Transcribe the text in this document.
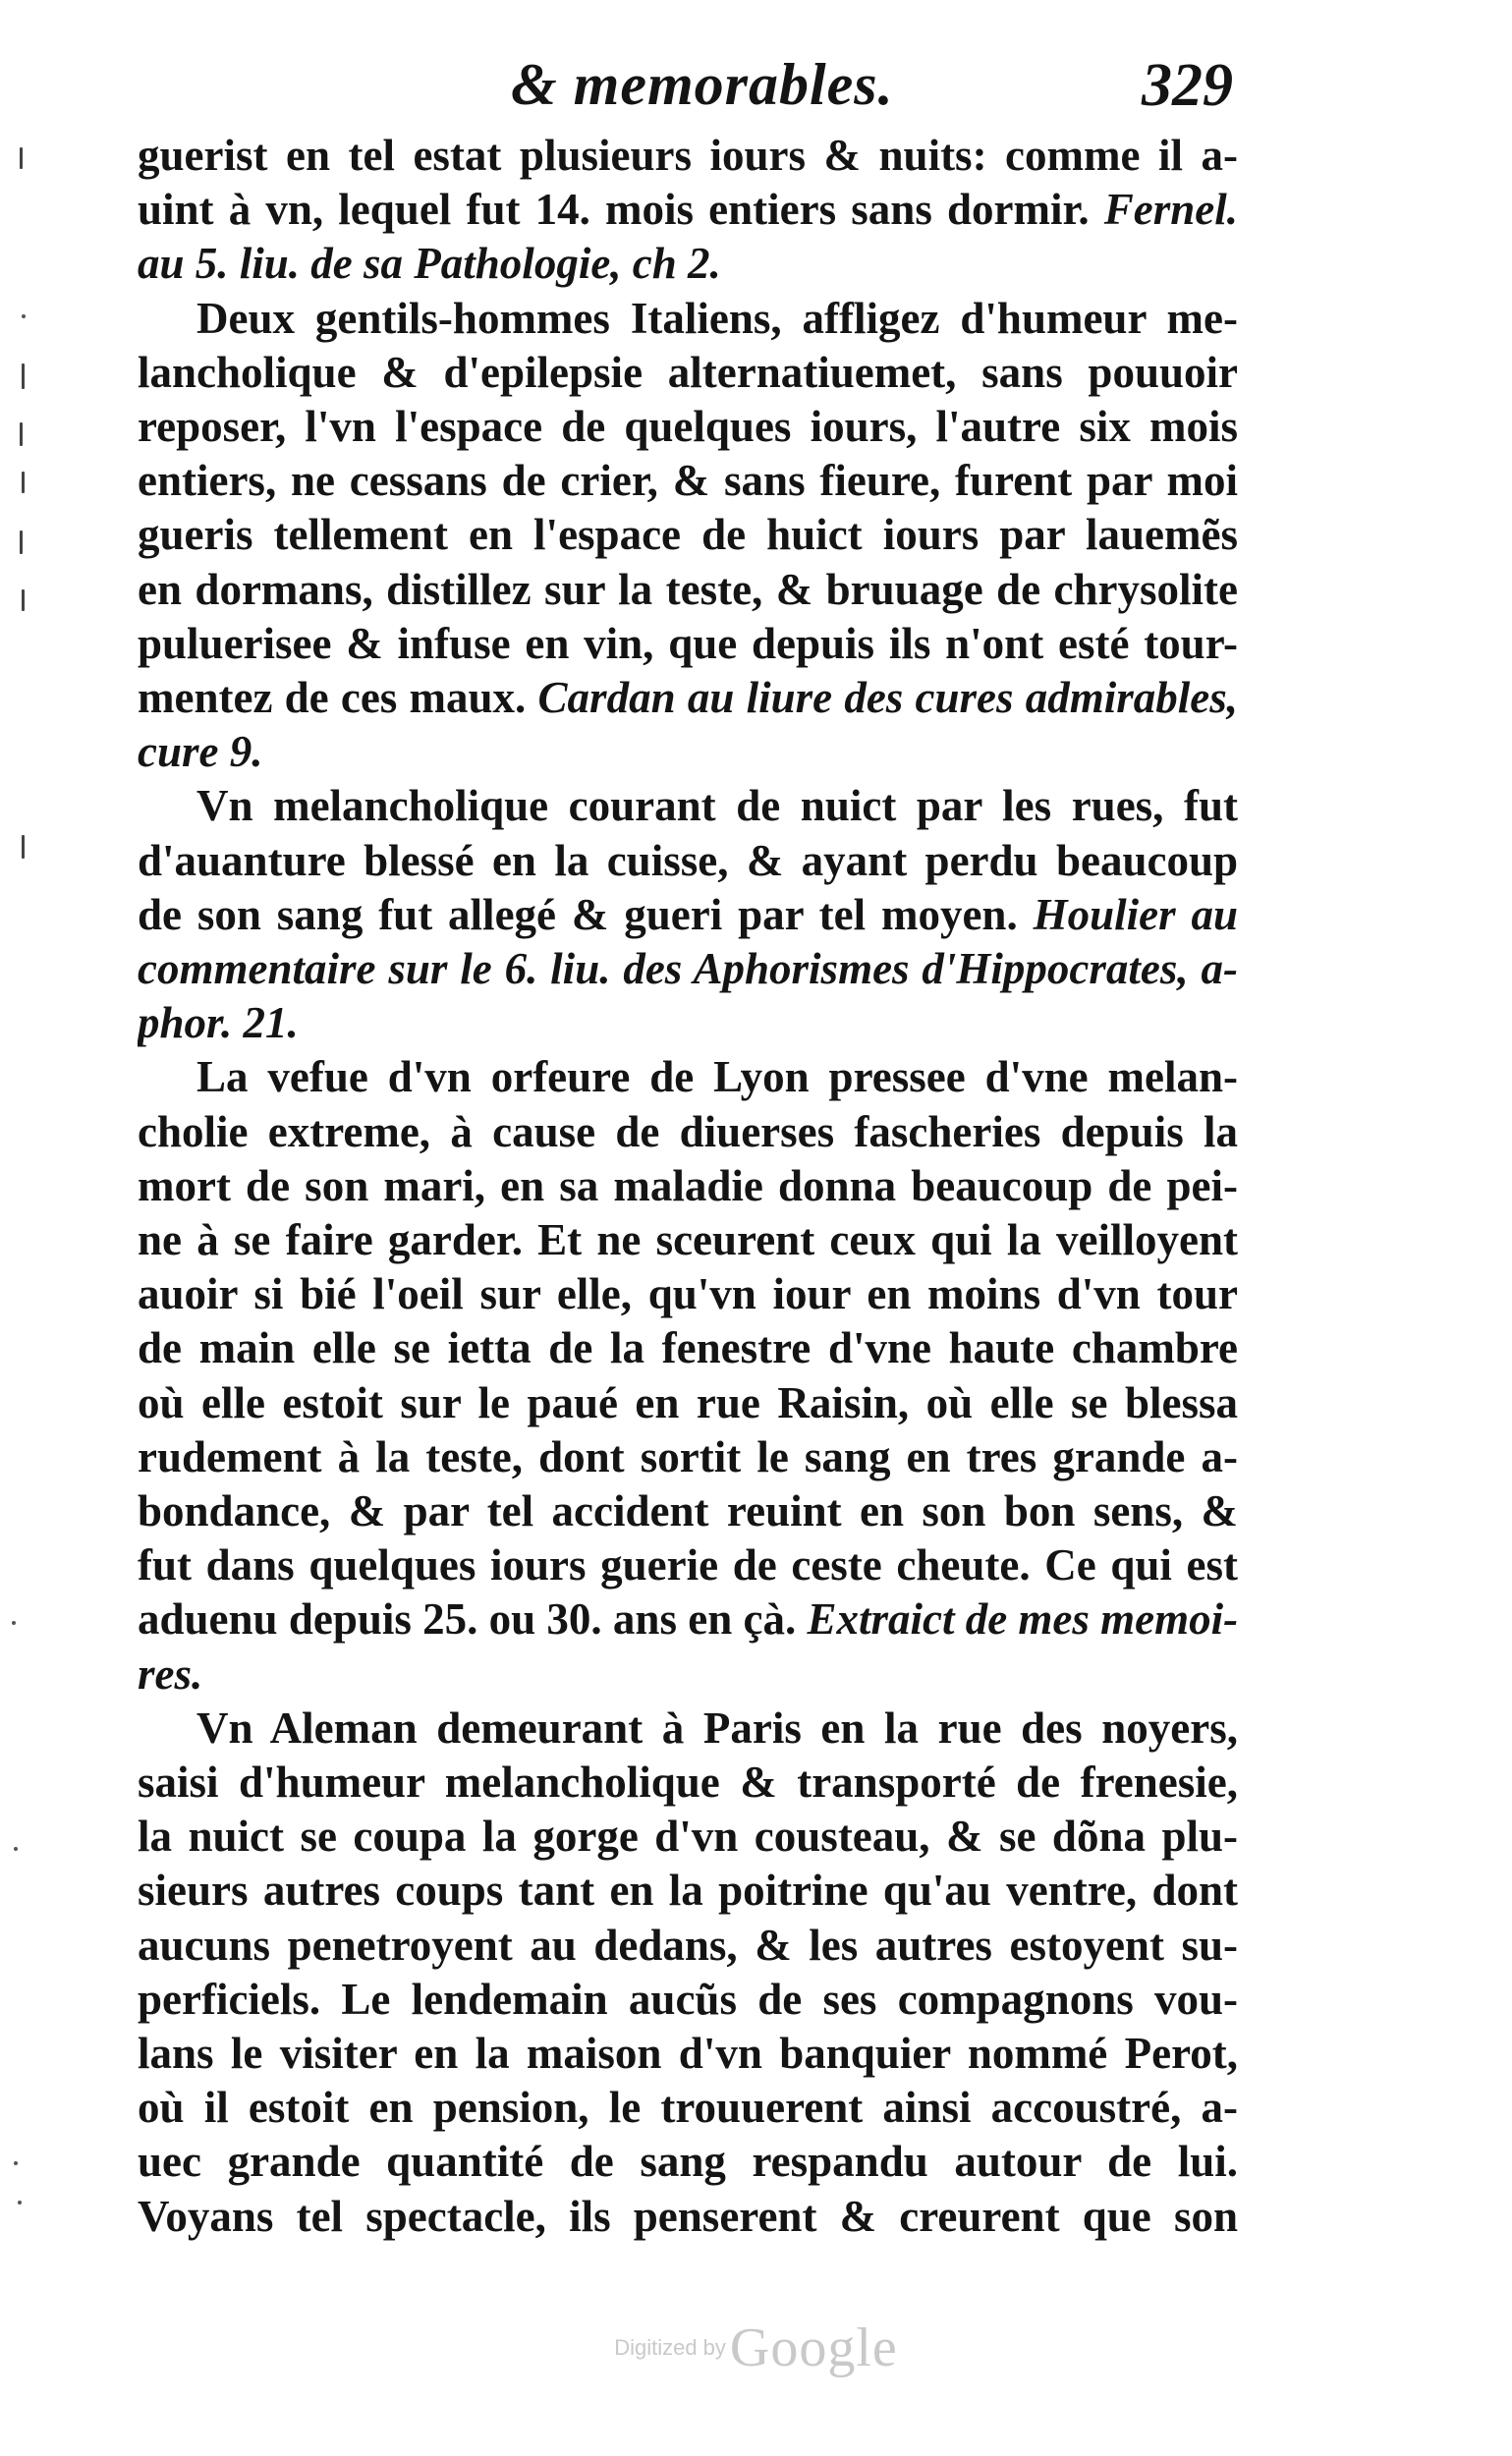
& memorables.	329
guerist en tel estat plusieurs iours & nuits: comme il a-
uint à vn, lequel fut 14. mois entiers sans dormir. Fernel.
au 5. liu. de sa Pathologie, ch 2.
Deux gentils-hommes Italiens, affligez d'humeur me-
lancholique & d'epilepsie alternatiuemet, sans pouuoir
reposer, l'vn l'espace de quelques iours, l'autre six mois
entiers, ne cessans de crier, & sans fieure, furent par moi
gueris tellement en l'espace de huict iours par lauemẽs
en dormans, distillez sur la teste, & bruuage de chrysolite
puluerisee & infuse en vin, que depuis ils n'ont esté tour-
mentez de ces maux. Cardan au liure des cures admirables,
cure 9.
Vn melancholique courant de nuict par les rues, fut
d'auanture blessé en la cuisse, & ayant perdu beaucoup
de son sang fut allegé & gueri par tel moyen. Houlier au
commentaire sur le 6. liu. des Aphorismes d'Hippocrates, a-
phor. 21.
La vefue d'vn orfeure de Lyon pressee d'vne melan-
cholie extreme, à cause de diuerses fascheries depuis la
mort de son mari, en sa maladie donna beaucoup de pei-
ne à se faire garder. Et ne sceurent ceux qui la veilloyent
auoir si bié l'oeil sur elle, qu'vn iour en moins d'vn tour
de main elle se ietta de la fenestre d'vne haute chambre
où elle estoit sur le paué en rue Raisin, où elle se blessa
rudement à la teste, dont sortit le sang en tres grande a-
bondance, & par tel accident reuint en son bon sens, &
fut dans quelques iours guerie de ceste cheute. Ce qui est
aduenu depuis 25. ou 30. ans en çà. Extraict de mes memoi-
res.
Vn Aleman demeurant à Paris en la rue des noyers,
saisi d'humeur melancholique & transporté de frenesie,
la nuict se coupa la gorge d'vn cousteau, & se dõna plu-
sieurs autres coups tant en la poitrine qu'au ventre, dont
aucuns penetroyent au dedans, & les autres estoyent su-
perficiels. Le lendemain aucũs de ses compagnons vou-
lans le visiter en la maison d'vn banquier nommé Perot,
où il estoit en pension, le trouuerent ainsi accoustré, a-
uec grande quantité de sang respandu autour de lui.
Voyans tel spectacle, ils penserent & creurent que son
Digitized by Google
